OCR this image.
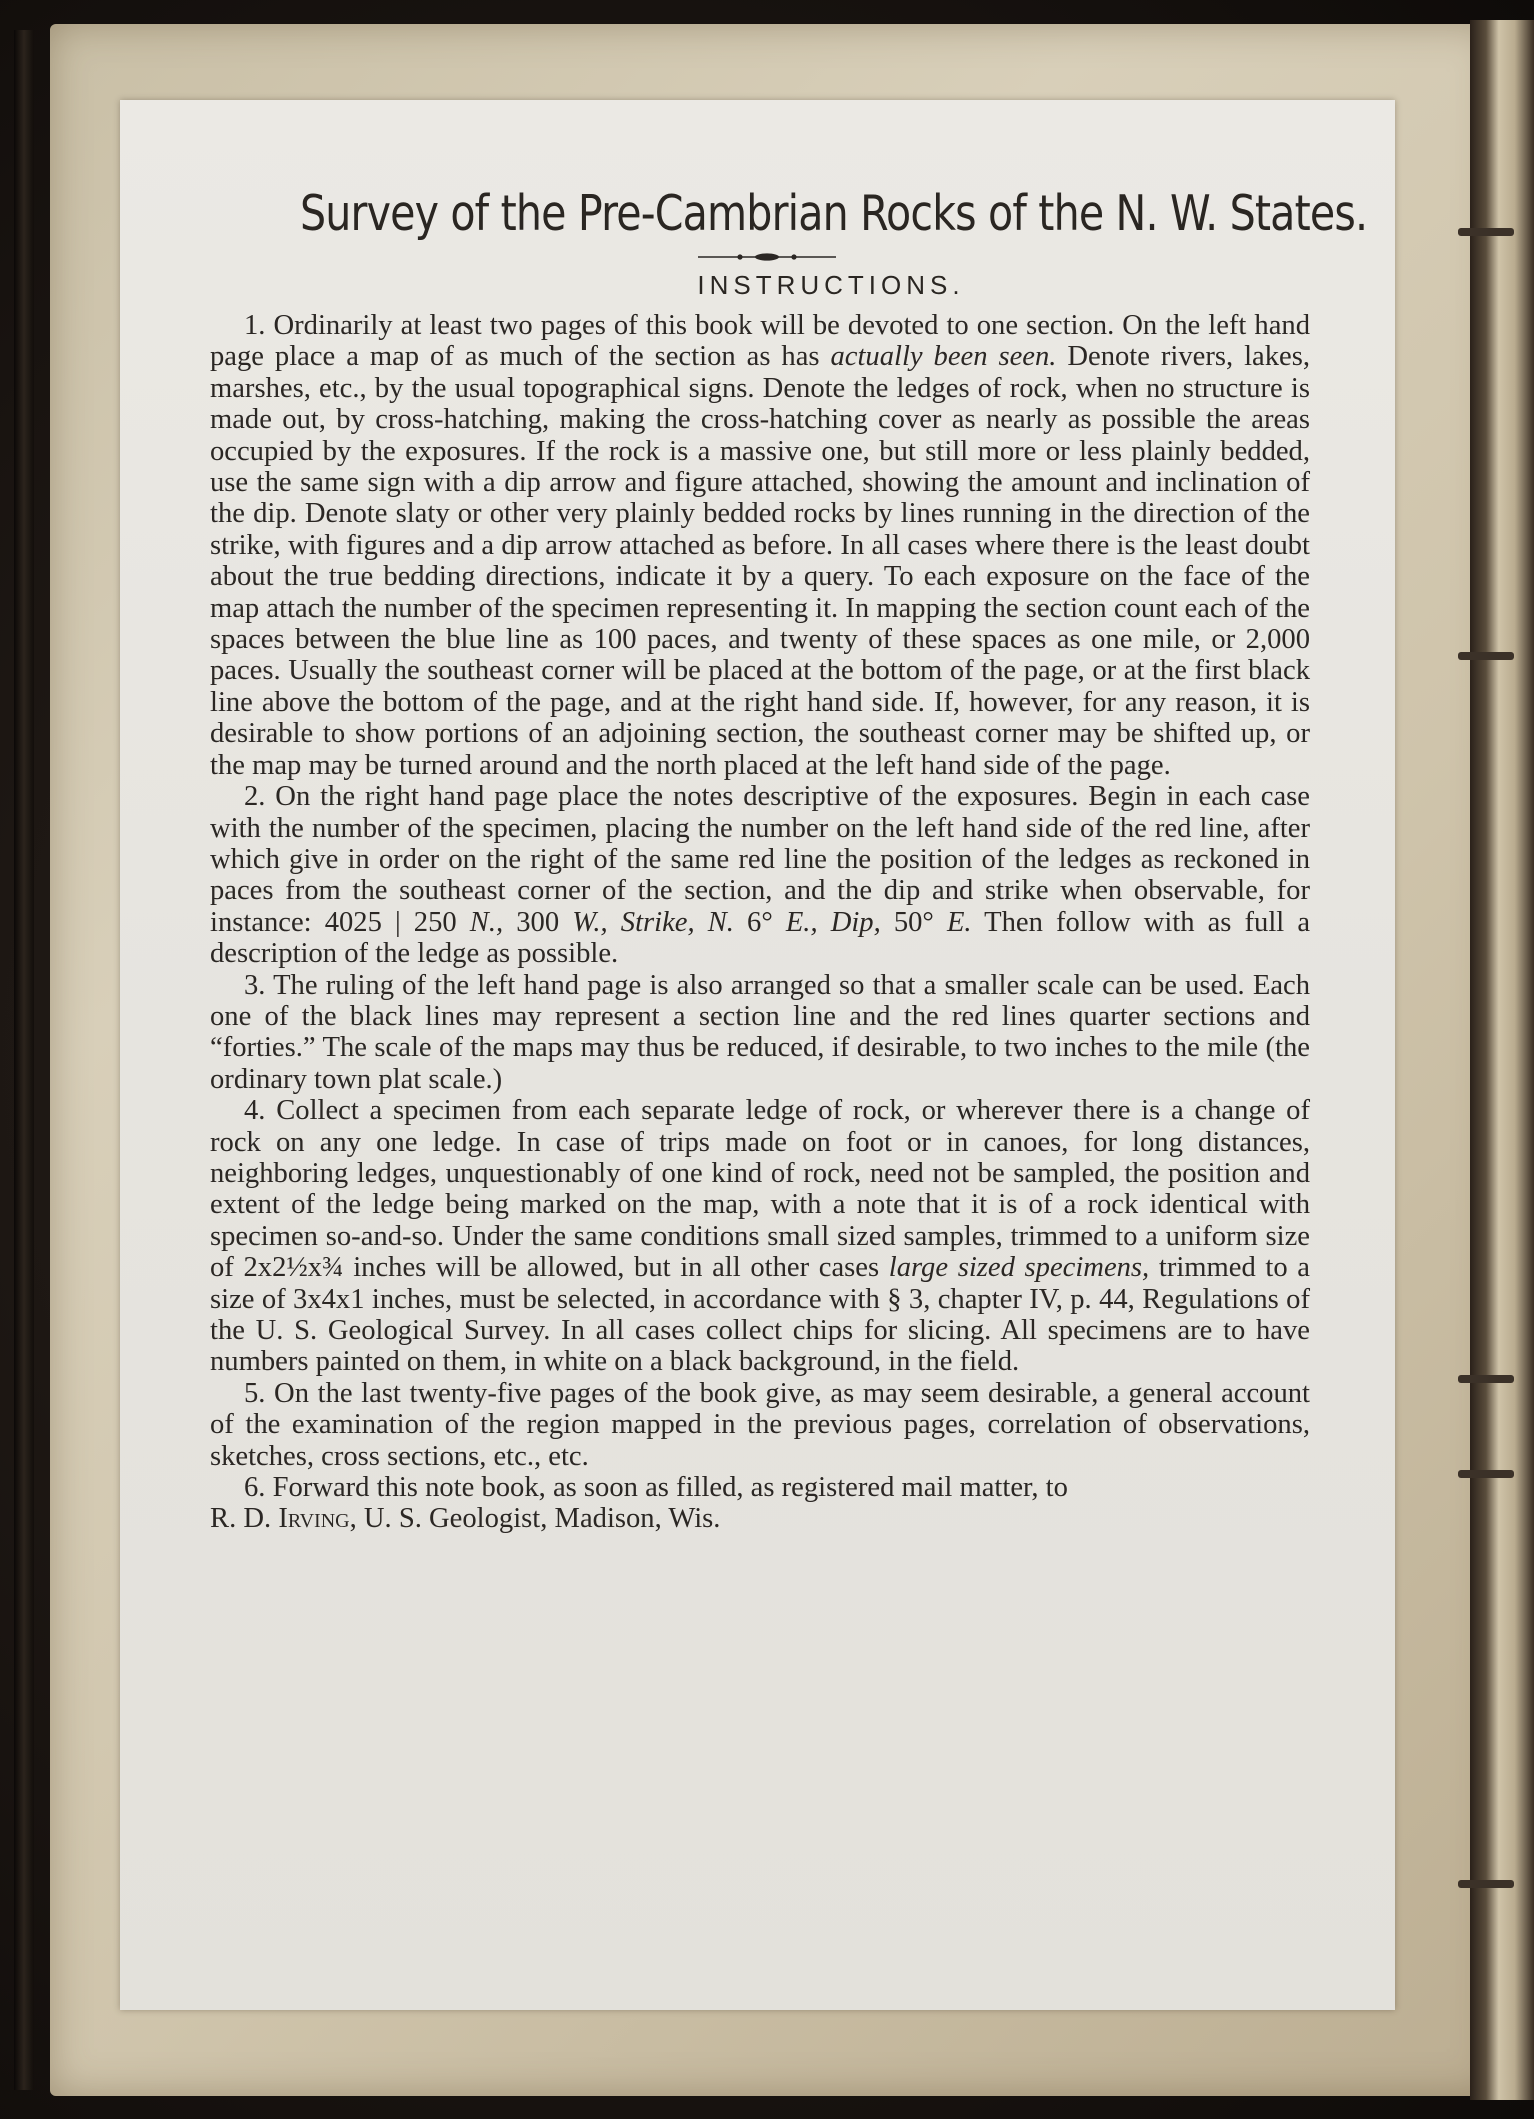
Survey of the Pre-Cambrian Rocks of the N. W. States.
INSTRUCTIONS.

1. Ordinarily at least two pages of this book will be devoted to one section. On the left hand page place a map of as much of the section as has actually been seen. Denote rivers, lakes, marshes, etc., by the usual topographical signs. Denote the ledges of rock, when no structure is made out, by cross-hatching, making the cross-hatching cover as nearly as possible the areas occupied by the exposures. If the rock is a massive one, but still more or less plainly bedded, use the same sign with a dip arrow and figure attached, showing the amount and inclination of the dip. Denote slaty or other very plainly bedded rocks by lines running in the direction of the strike, with figures and a dip arrow attached as before. In all cases where there is the least doubt about the true bedding directions, indicate it by a query. To each exposure on the face of the map attach the number of the specimen representing it. In mapping the section count each of the spaces between the blue line as 100 paces, and twenty of these spaces as one mile, or 2,000 paces. Usually the southeast corner will be placed at the bottom of the page, or at the first black line above the bottom of the page, and at the right hand side. If, however, for any reason, it is desirable to show portions of an adjoining section, the southeast corner may be shifted up, or the map may be turned around and the north placed at the left hand side of the page.

2. On the right hand page place the notes descriptive of the exposures. Begin in each case with the number of the specimen, placing the number on the left hand side of the red line, after which give in order on the right of the same red line the position of the ledges as reckoned in paces from the southeast corner of the section, and the dip and strike when observable, for instance: 4025 | 250 N., 300 W., Strike, N. 6° E., Dip, 50° E. Then follow with as full a description of the ledge as possible.

3. The ruling of the left hand page is also arranged so that a smaller scale can be used. Each one of the black lines may represent a section line and the red lines quarter sections and “forties.” The scale of the maps may thus be reduced, if desirable, to two inches to the mile (the ordinary town plat scale.)

4. Collect a specimen from each separate ledge of rock, or wherever there is a change of rock on any one ledge. In case of trips made on foot or in canoes, for long distances, neighboring ledges, unquestionably of one kind of rock, need not be sampled, the position and extent of the ledge being marked on the map, with a note that it is of a rock identical with specimen so-and-so. Under the same conditions small sized samples, trimmed to a uniform size of 2x2½x¾ inches will be allowed, but in all other cases large sized specimens, trimmed to a size of 3x4x1 inches, must be selected, in accordance with § 3, chapter IV, p. 44, Regulations of the U. S. Geological Survey. In all cases collect chips for slicing. All specimens are to have numbers painted on them, in white on a black background, in the field.

5. On the last twenty-five pages of the book give, as may seem desirable, a general account of the examination of the region mapped in the previous pages, correlation of observations, sketches, cross sections, etc., etc.

6. Forward this note book, as soon as filled, as registered mail matter, to

R. D. Irving, U. S. Geologist, Madison, Wis.
